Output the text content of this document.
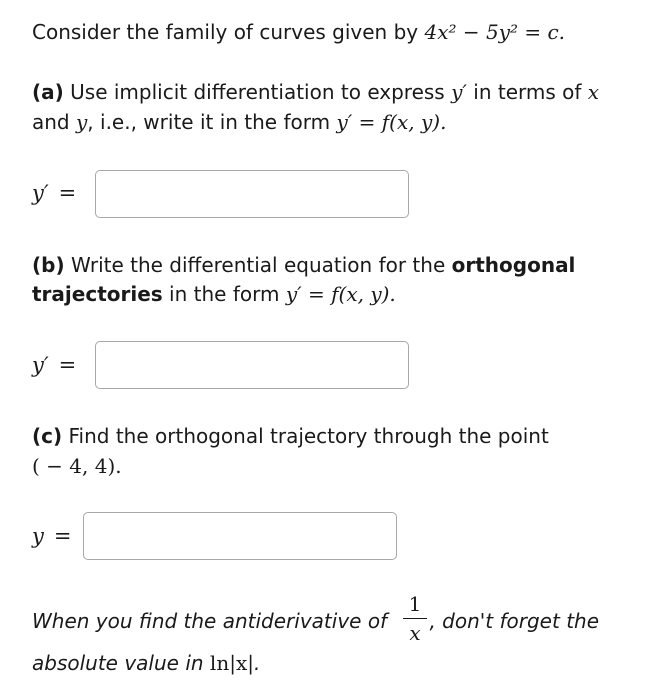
Consider the family of curves given by 4x² − 5y² = c.
(a) Use implicit differentiation to express y′ in terms of x
and y, i.e., write it in the form y′ = f(x, y).
y′ =
(b) Write the differential equation for the orthogonal
trajectories in the form y′ = f(x, y).
y′ =
(c) Find the orthogonal trajectory through the point
( − 4, 4).
y =
When you find the antiderivative of , don't forget the
1
x
absolute value in ln|x|.
